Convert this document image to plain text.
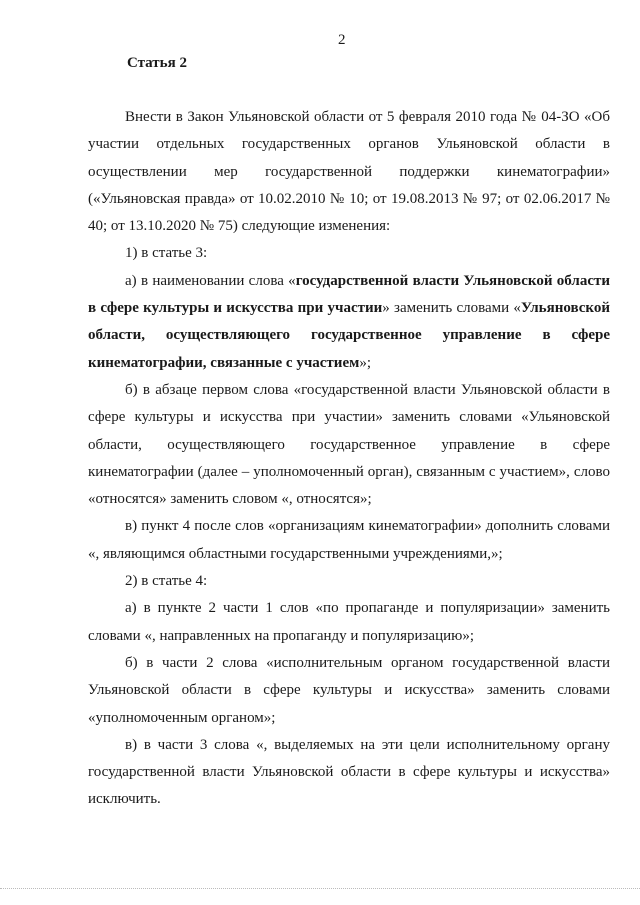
2
Статья 2

Внести в Закон Ульяновской области от 5 февраля 2010 года № 04-ЗО «Об участии отдельных государственных органов Ульяновской области в осуществлении мер государственной поддержки кинематографии» («Ульяновская правда» от 10.02.2010 № 10; от 19.08.2013 № 97; от 02.06.2017 № 40; от 13.10.2020 № 75) следующие изменения:

1) в статье 3:

а) в наименовании слова «государственной власти Ульяновской области в сфере культуры и искусства при участии» заменить словами «Ульяновской области, осуществляющего государственное управление в сфере кинематографии, связанные с участием»;

б) в абзаце первом слова «государственной власти Ульяновской области в сфере культуры и искусства при участии» заменить словами «Ульяновской области, осуществляющего государственное управление в сфере кинематографии (далее – уполномоченный орган), связанным с участием», слово «относятся» заменить словом «, относятся»;

в) пункт 4 после слов «организациям кинематографии» дополнить словами «, являющимся областными государственными учреждениями,»;

2) в статье 4:

а) в пункте 2 части 1 слов «по пропаганде и популяризации» заменить словами «, направленных на пропаганду и популяризацию»;

б) в части 2 слова «исполнительным органом государственной власти Ульяновской области в сфере культуры и искусства» заменить словами «уполномоченным органом»;

в) в части 3 слова «, выделяемых на эти цели исполнительному органу государственной власти Ульяновской области в сфере культуры и искусства» исключить.
